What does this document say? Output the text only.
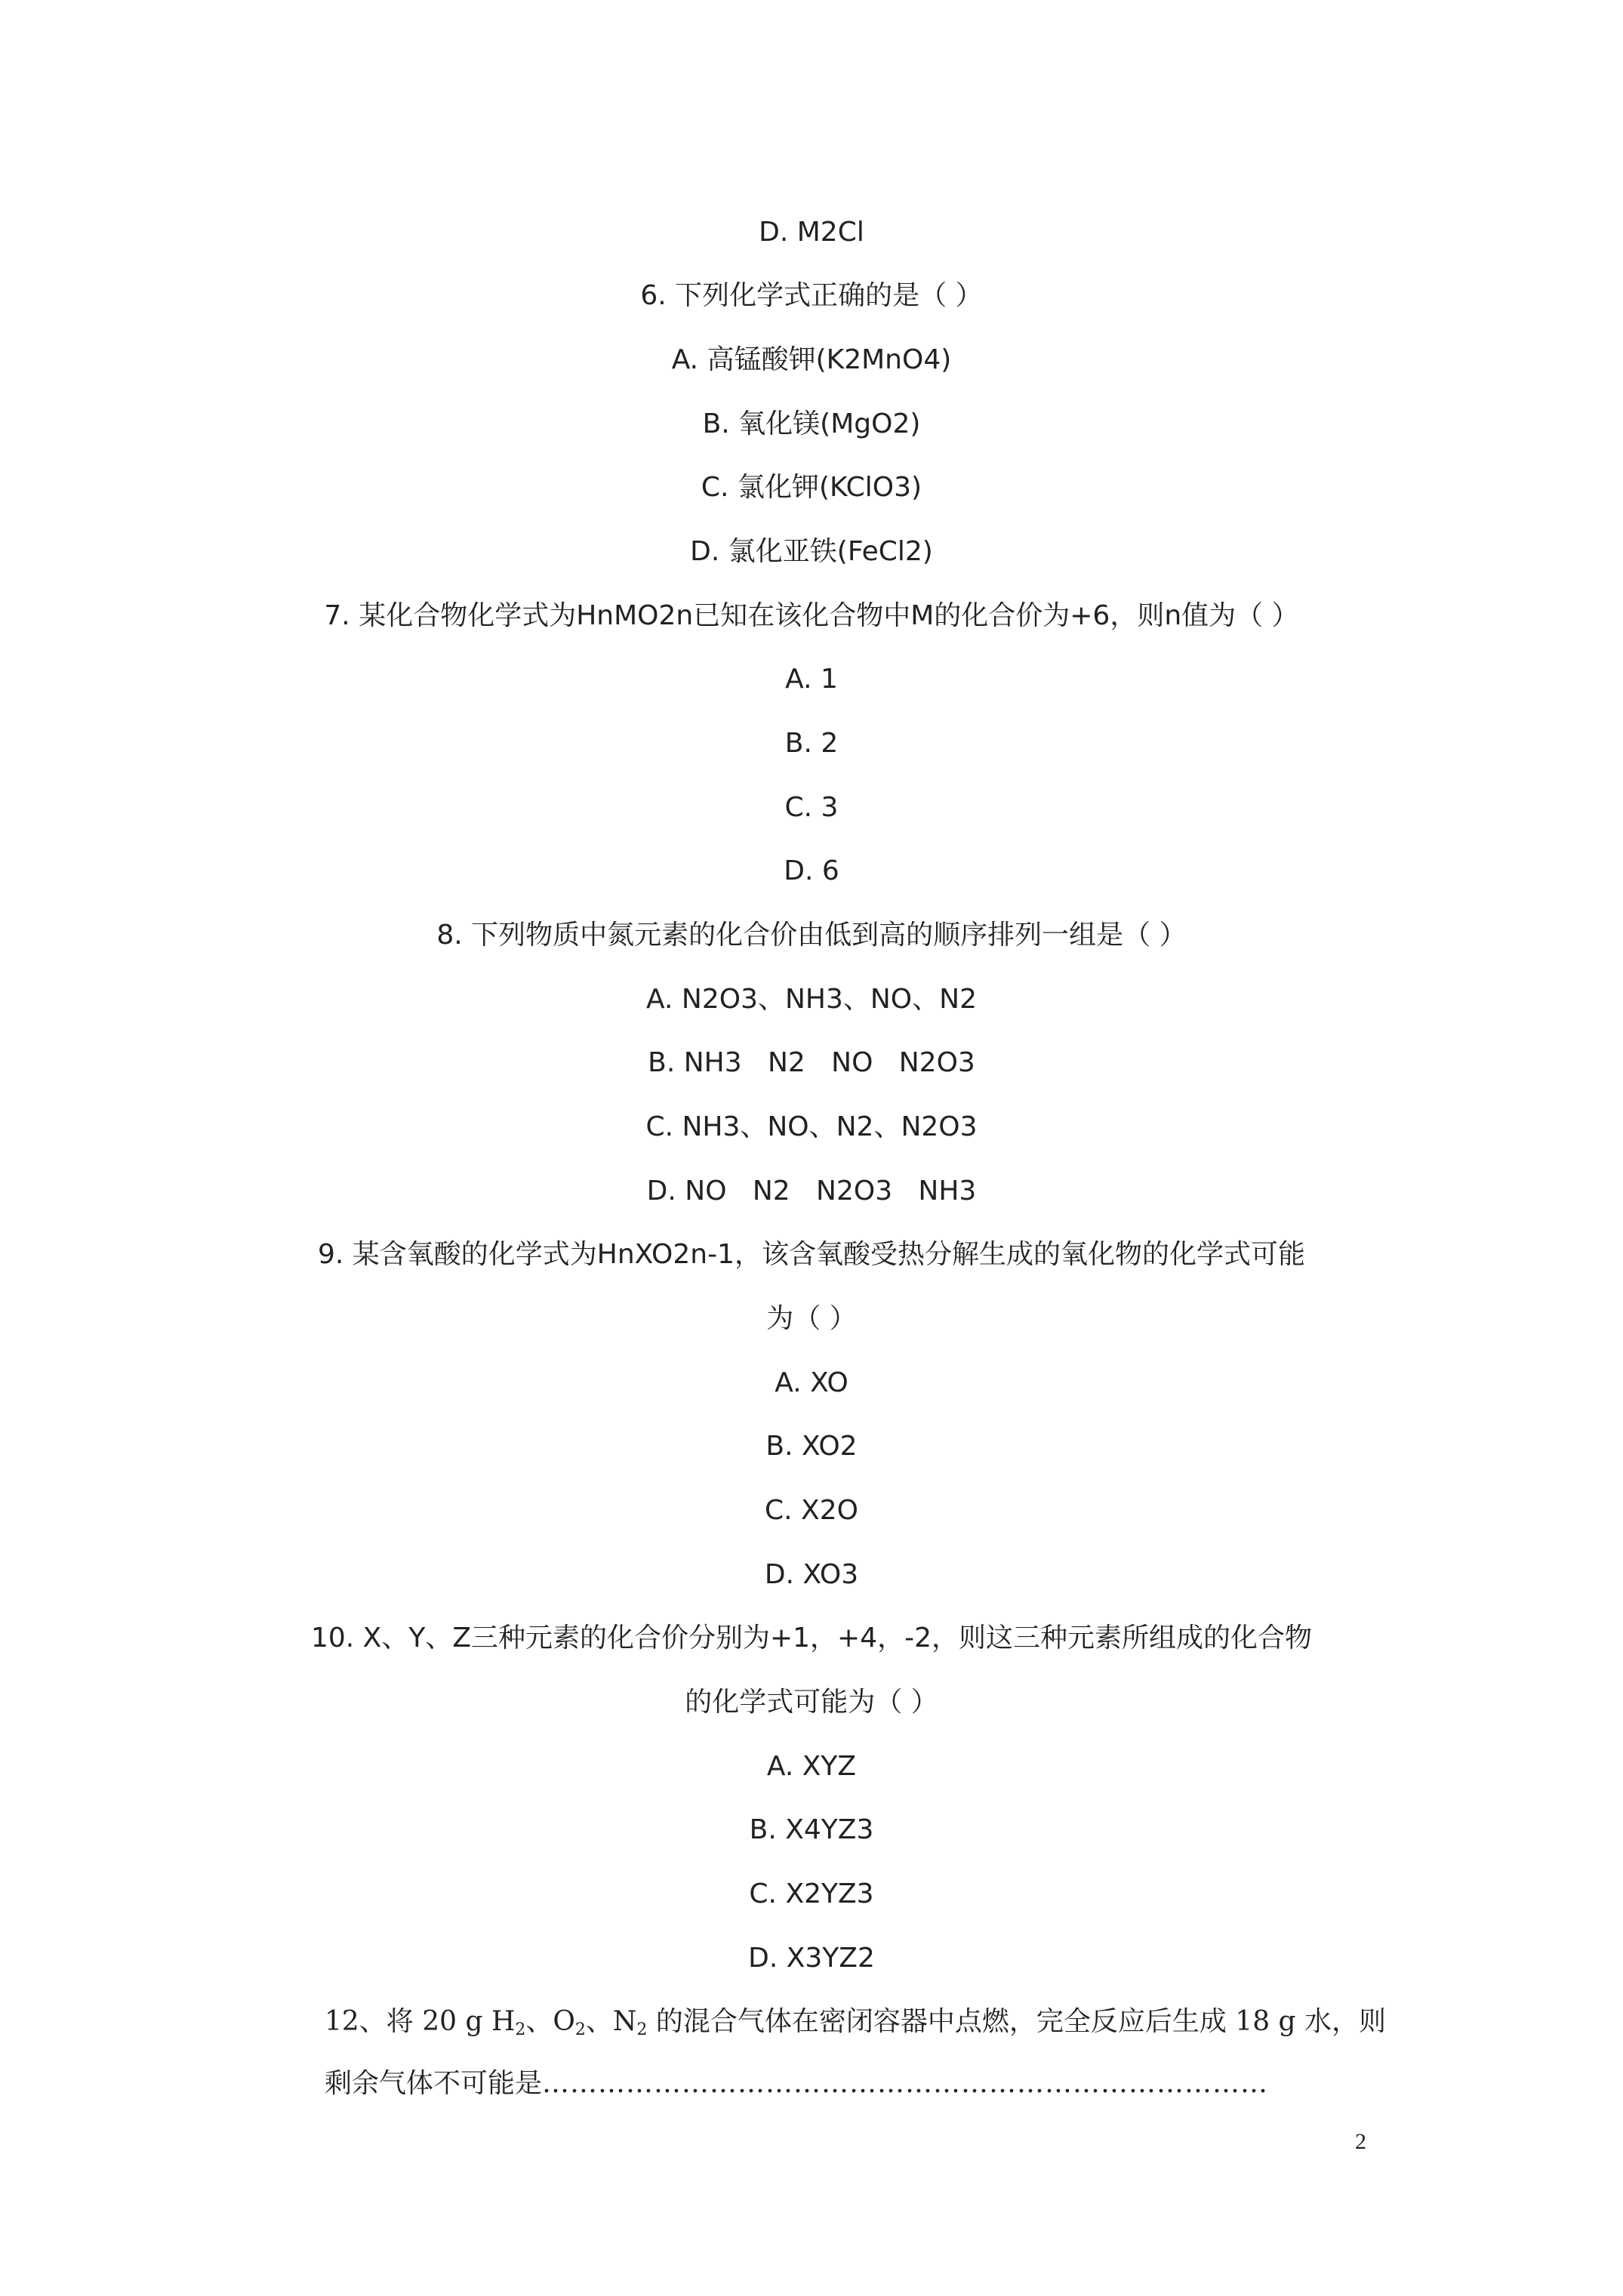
D. M2Cl
6. 下列化学式正确的是（ ）
A. 高锰酸钾(K2MnO4)
B. 氧化镁(MgO2)
C. 氯化钾(KClO3)
D. 氯化亚铁(FeCl2)
7. 某化合物化学式为HnMO2n已知在该化合物中M的化合价为+6，则n值为（ ）
A. 1
B. 2
C. 3
D. 6
8. 下列物质中氮元素的化合价由低到高的顺序排列一组是（ ）
A. N2O3、NH3、NO、N2
B. NH3   N2   NO   N2O3
C. NH3、NO、N2、N2O3
D. NO   N2   N2O3   NH3
9. 某含氧酸的化学式为HnXO2n-1，该含氧酸受热分解生成的氧化物的化学式可能
为（ ）
A. XO
B. XO2
C. X2O
D. XO3
10. X、Y、Z三种元素的化合价分别为+1，+4，-2，则这三种元素所组成的化合物
的化学式可能为（ ）
A. XYZ
B. X4YZ3
C. X2YZ3
D. X3YZ2
12、将 20 g $H_2$、$O_2$、$N_2$ 的混合气体在密闭容器中点燃，完全反应后生成 18 g 水，则
剩余气体不可能是……………………………………………………………………
2
